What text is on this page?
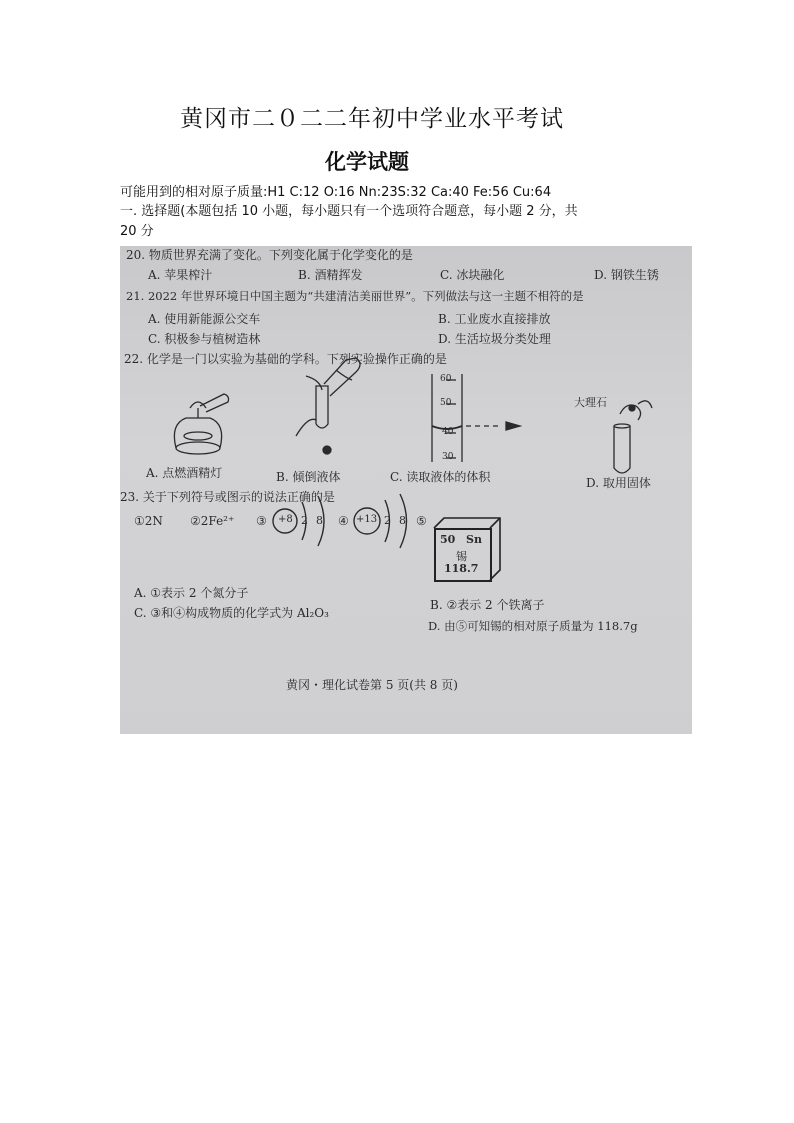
黄冈市二０二二年初中学业水平考试
化学试题
可能用到的相对原子质量:H1 C:12 O:16 Nn:23S:32 Ca:40 Fe:56 Cu:64
一. 选择题(本题包括 10 小题，每小题只有一个选项符合题意，每小题 2 分，共
20 分
20. 物质世界充满了变化。下列变化属于化学变化的是
A. 苹果榨汁	B. 酒精挥发	C. 冰块融化	D. 钢铁生锈
21. 2022 年世界环境日中国主题为“共建清洁美丽世界”。下列做法与这一主题不相符的是
A. 使用新能源公交车	B. 工业废水直接排放
C. 积极参与植树造林	D. 生活垃圾分类处理
22. 化学是一门以实验为基础的学科。下列实验操作正确的是
60
50
40
30
大理石
A. 点燃酒精灯	B. 倾倒液体	C. 读取液体的体积	D. 取用固体
23. 关于下列符号或图示的说法正确的是
①2N ②2Fe²⁺ ③ +8 2 8 ④ +13 2 8 ⑤
50 Sn
锡
118.7
A. ①表示 2 个氮分子
C. ③和④构成物质的化学式为 Al₂O₃
B. ②表示 2 个铁离子
D. 由⑤可知锡的相对原子质量为 118.7g
黄冈・理化试卷第 5 页(共 8 页)
